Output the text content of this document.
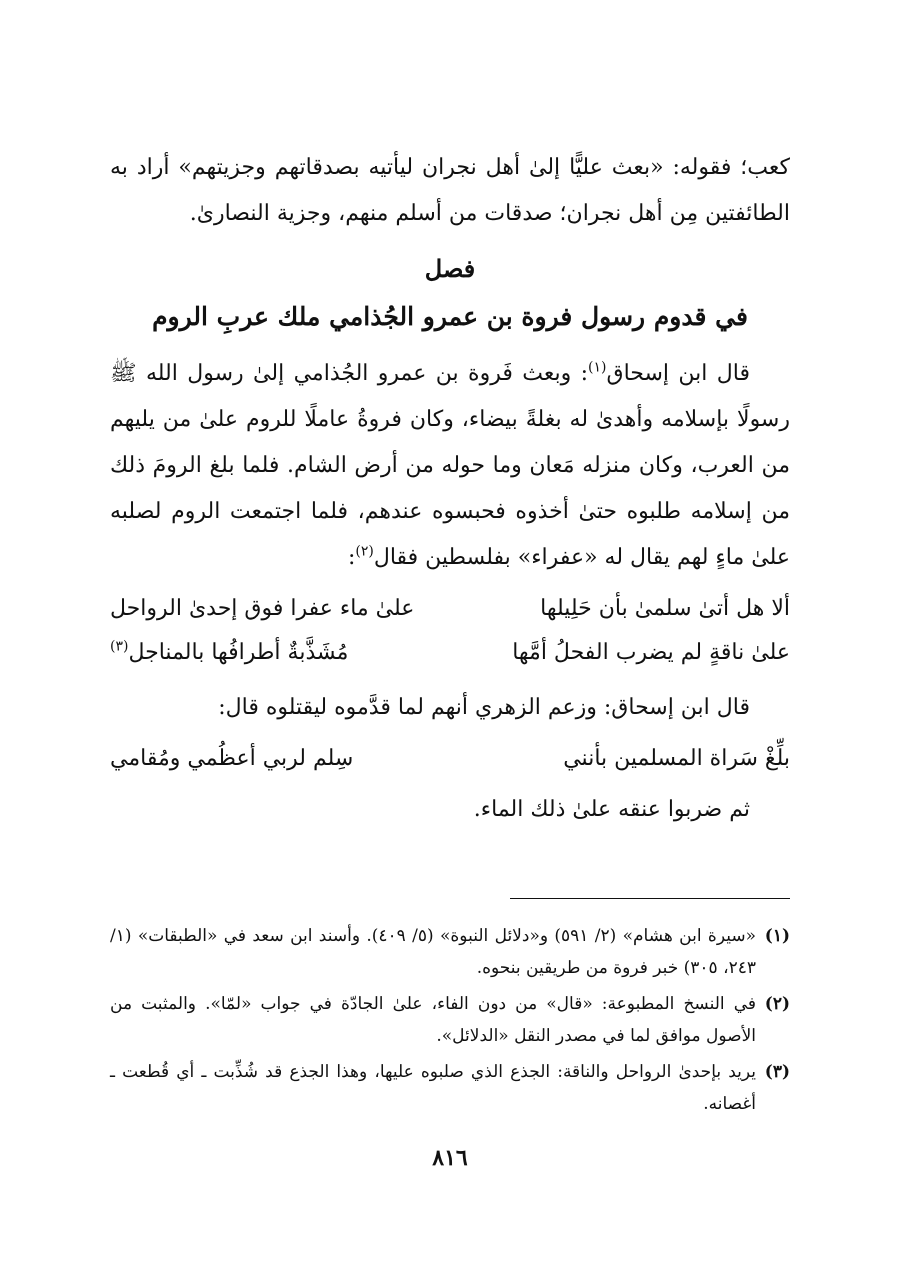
كعب؛ فقوله: «بعث عليًّا إلىٰ أهل نجران ليأتيه بصدقاتهم وجزيتهم» أراد به الطائفتين مِن أهل نجران؛ صدقات من أسلم منهم، وجزية النصارىٰ.

فصل

في قدوم رسول فروة بن عمرو الجُذامي ملك عربِ الروم

قال ابن إسحاق$^{(١)}$: وبعث فَروة بن عمرو الجُذامي إلىٰ رسول الله ﷺ رسولًا بإسلامه وأهدىٰ له بغلةً بيضاء، وكان فروةُ عاملًا للروم علىٰ من يليهم من العرب، وكان منزله مَعان وما حوله من أرض الشام. فلما بلغ الرومَ ذلك من إسلامه طلبوه حتىٰ أخذوه فحبسوه عندهم، فلما اجتمعت الروم لصلبه علىٰ ماءٍ لهم يقال له «عفراء» بفلسطين فقال$^{(٢)}$:

ألا هل أتىٰ سلمىٰ بأن حَلِيلها
علىٰ ماء عفرا فوق إحدىٰ الرواحل
علىٰ ناقةٍ لم يضرب الفحلُ أمَّها
مُشَذَّبةٌ أطرافُها بالمناجل$^{(٣)}$

قال ابن إسحاق: وزعم الزهري أنهم لما قدَّموه ليقتلوه قال:

بلِّغْ سَراة المسلمين بأنني
سِلم لربي أعظُمي ومُقامي

ثم ضربوا عنقه علىٰ ذلك الماء.

(١)
«سيرة ابن هشام» (٢/ ٥٩١) و«دلائل النبوة» (٥/ ٤٠٩). وأسند ابن سعد في «الطبقات» (١/ ٢٤٣، ٣٠٥) خبر فروة من طريقين بنحوه.
(٢)
في النسخ المطبوعة: «قال» من دون الفاء، علىٰ الجادّة في جواب «لمّا». والمثبت من الأصول موافق لما في مصدر النقل «الدلائل».
(٣)
يريد بإحدىٰ الرواحل والناقة: الجذع الذي صلبوه عليها، وهذا الجذع قد شُذِّبت ـ أي قُطعت ـ أغصانه.
٨١٦
